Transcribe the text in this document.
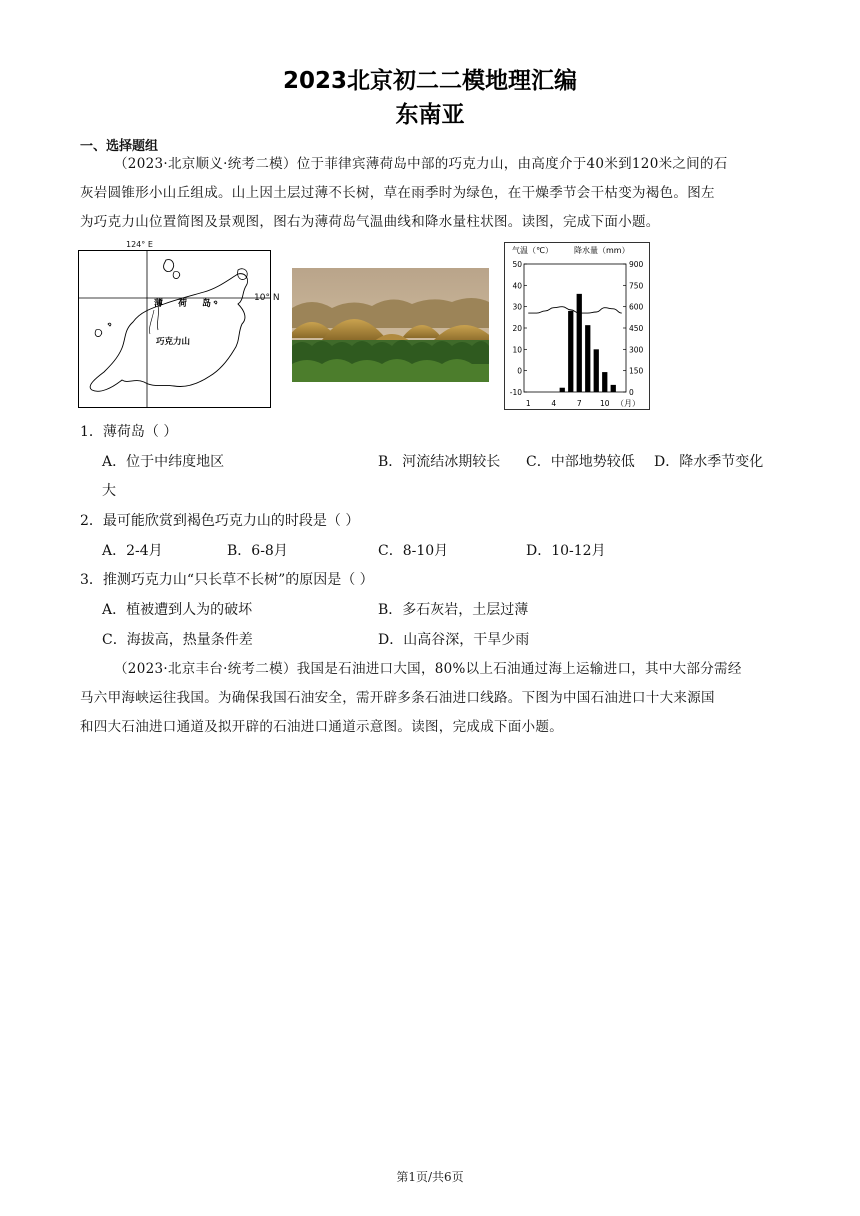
2023北京初二二模地理汇编
东南亚
一、选择题组
（2023·北京顺义·统考二模）位于菲律宾薄荷岛中部的巧克力山，由高度介于40米到120米之间的石
灰岩圆锥形小山丘组成。山上因土层过薄不长树，草在雨季时为绿色，在干燥季节会干枯变为褐色。图左
为巧克力山位置简图及景观图，图右为薄荷岛气温曲线和降水量柱状图。读图，完成下面小题。
薄 荷 岛
巧克力山
10° N
124° E
气温（℃）	降水量（mm）
50
40
30
20
10
0
-10
900
750
600
450
300
150
0
1	4	7 10 （月）
1．薄荷岛（ ）
A．位于中纬度地区	B．河流结冰期较长 C．中部地势较低 D．降水季节变化
大
2．最可能欣赏到褐色巧克力山的时段是（ ）
A．2-4月	B．6-8月	C．8-10月	D．10-12月
3．推测巧克力山“只长草不长树”的原因是（ ）
A．植被遭到人为的破坏	B．多石灰岩，土层过薄
C．海拔高，热量条件差	D．山高谷深，干旱少雨
（2023·北京丰台·统考二模）我国是石油进口大国，80%以上石油通过海上运输进口，其中大部分需经
马六甲海峡运往我国。为确保我国石油安全，需开辟多条石油进口线路。下图为中国石油进口十大来源国
和四大石油进口通道及拟开辟的石油进口通道示意图。读图，完成成下面小题。
第1页/共6页
